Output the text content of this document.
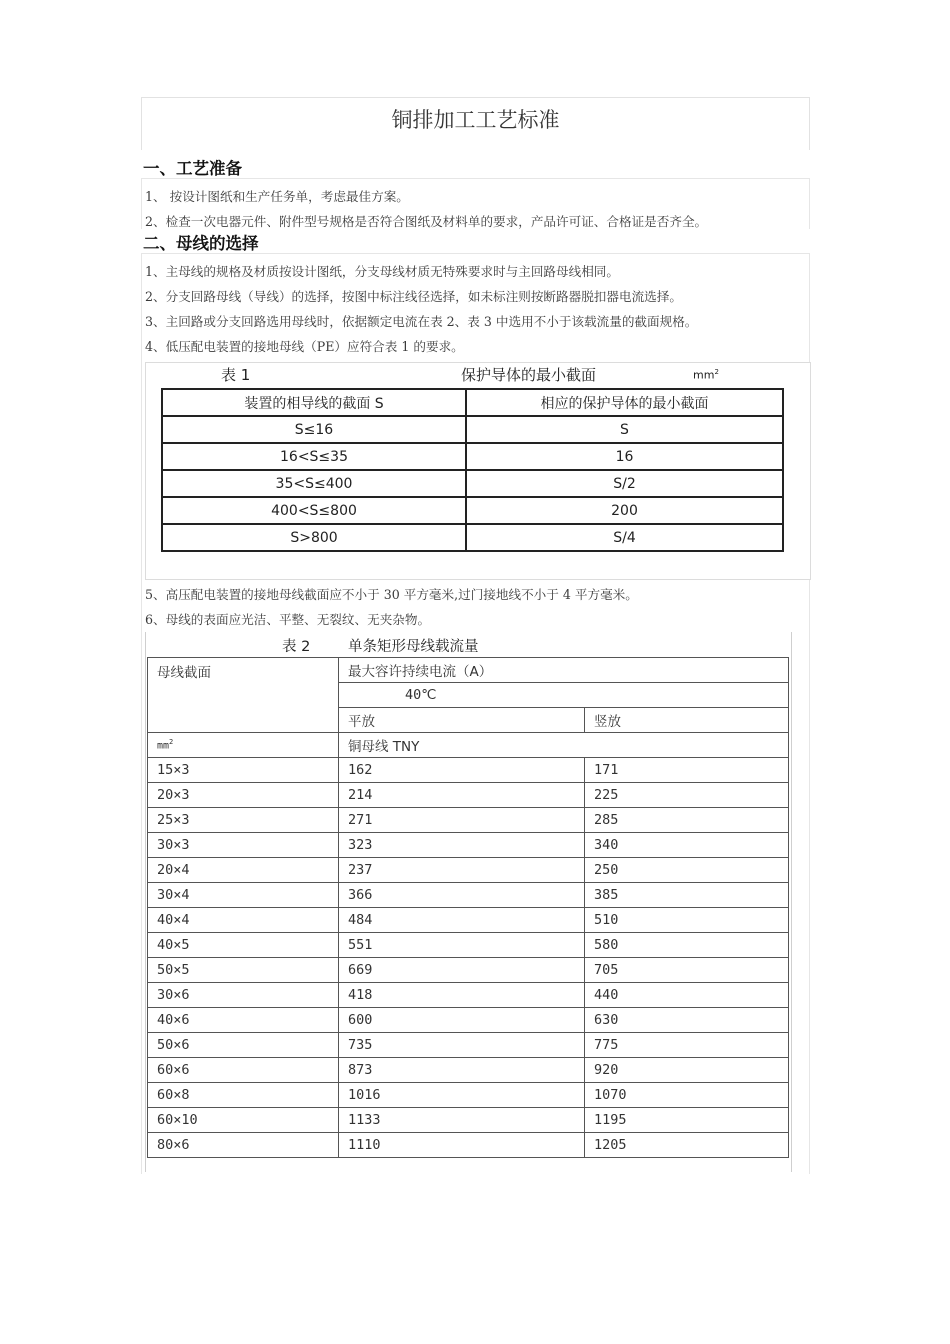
铜排加工工艺标准
一、工艺准备
1、 按设计图纸和生产任务单，考虑最佳方案。
2、检查一次电器元件、附件型号规格是否符合图纸及材料单的要求，产品许可证、合格证是否齐全。
二、母线的选择
1、主母线的规格及材质按设计图纸，分支母线材质无特殊要求时与主回路母线相同。
2、分支回路母线（导线）的选择，按图中标注线径选择，如未标注则按断路器脱扣器电流选择。
3、主回路或分支回路选用母线时，依据额定电流在表 2、表 3 中选用不小于该载流量的截面规格。
4、低压配电装置的接地母线（PE）应符合表 1 的要求。
表 1	保护导体的最小截面	$mm^2$
装置的相导线的截面 S	相应的保护导体的最小截面
S≤16	S
16<S≤35	16
35<S≤400	S/2
400<S≤800	200
S>800	S/4
5、高压配电装置的接地母线截面应不小于 30 平方毫米,过门接地线不小于 4 平方毫米。
6、母线的表面应光洁、平整、无裂纹、无夹杂物。
表 2	单条矩形母线载流量
母线截面	最大容许持续电流（A）	
	40℃	
	平放	竖放
$mm^2$	铜母线 TNY	
15×3	162	171
20×3	214	225
25×3	271	285
30×3	323	340
20×4	237	250
30×4	366	385
40×4	484	510
40×5	551	580
50×5	669	705
30×6	418	440
40×6	600	630
50×6	735	775
60×6	873	920
60×8	1016	1070
60×10	1133	1195
80×6	1110	1205
